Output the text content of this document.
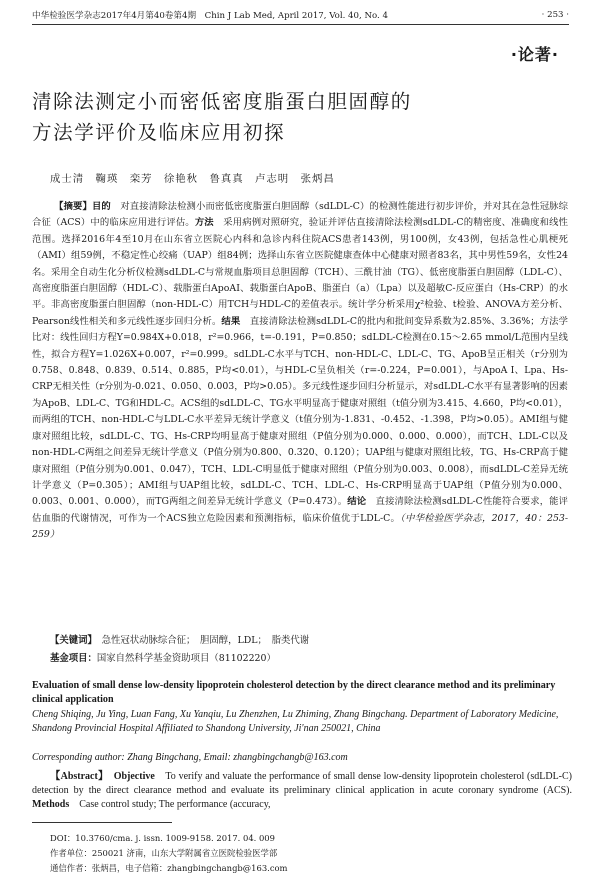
中华检验医学杂志2017年4月第40卷第4期　Chin J Lab Med, April 2017, Vol. 40, No. 4	· 253 ·
·论著·
清除法测定小而密低密度脂蛋白胆固醇的
方法学评价及临床应用初探
成士清　鞠瑛　栾芳　徐艳秋　鲁真真　卢志明　张炳昌
【摘要】目的　 对直接清除法检测小而密低密度脂蛋白胆固醇（sdLDL-C）的检测性能进行初步评价，并对其在急性冠脉综合征（ACS）中的临床应用进行评估。方法　 采用病例对照研究，验证并评估直接清除法检测sdLDL-C的精密度、准确度和线性范围。选择2016年4至10月在山东省立医院心内科和急诊内科住院ACS患者143例，男100例，女43例，包括急性心肌梗死（AMI）组59例，不稳定性心绞痛（UAP）组84例；选择山东省立医院健康查体中心健康对照者83名，其中男性59名，女性24名。采用全自动生化分析仪检测sdLDL-C与常规血脂项目总胆固醇（TCH）、三酰甘油（TG）、低密度脂蛋白胆固醇（LDL-C）、高密度脂蛋白胆固醇（HDL-C）、载脂蛋白ApoAⅠ、载脂蛋白ApoB、脂蛋白（a）（Lpa）以及超敏C-反应蛋白（Hs-CRP）的水平。非高密度脂蛋白胆固醇（non-HDL-C）用TCH与HDL-C的差值表示。统计学分析采用χ²检验、t检验、ANOVA方差分析、Pearson线性相关和多元线性逐步回归分析。结果　 直接清除法检测sdLDL-C的批内和批间变异系数为2.85%、3.36%；方法学比对：线性回归方程Y=0.984X+0.018，r²=0.966，t=-0.191，P=0.850；sdLDL-C检测在0.15～2.65 mmol/L范围内呈线性，拟合方程Y=1.026X+0.007，r²=0.999。sdLDL-C水平与TCH、non-HDL-C、LDL-C、TG、ApoB呈正相关（r分别为0.758、0.848、0.839、0.514、0.885，P均<0.01），与HDL-C呈负相关（r=-0.224，P=0.001），与ApoA Ⅰ、Lpa、Hs-CRP无相关性（r分别为-0.021、0.050、0.003，P均>0.05）。多元线性逐步回归分析显示，对sdLDL-C水平有显著影响的因素为ApoB、LDL-C、TG和HDL-C。ACS组的sdLDL-C、TG水平明显高于健康对照组（t值分别为3.415、4.660，P均<0.01），而两组的TCH、non-HDL-C与LDL-C水平差异无统计学意义（t值分别为-1.831、-0.452、-1.398，P均>0.05）。AMI组与健康对照组比较，sdLDL-C、TG、Hs-CRP均明显高于健康对照组（P值分别为0.000、0.000、0.000），而TCH、LDL-C以及non-HDL-C两组之间差异无统计学意义（P值分别为0.800、0.320、0.120）；UAP组与健康对照组比较，TG、Hs-CRP高于健康对照组（P值分别为0.001、0.047），TCH、LDL-C明显低于健康对照组（P值分别为0.003、0.008），而sdLDL-C差异无统计学意义（P=0.305）；AMI组与UAP组比较，sdLDL-C、TCH、LDL-C、Hs-CRP明显高于UAP组（P值分别为0.000、0.003、0.001、0.000），而TG两组之间差异无统计学意义（P=0.473）。结论　 直接清除法检测sdLDL-C性能符合要求，能评估血脂的代谢情况，可作为一个ACS独立危险因素和预测指标，临床价值优于LDL-C。（中华检验医学杂志，2017，40：253-259）
【关键词】　 急性冠状动脉综合征；　胆固醇，LDL；　脂类代谢
基金项目：国家自然科学基金资助项目（81102220）
Evaluation of small dense low-density lipoprotein cholesterol detection by the direct clearance method and its preliminary clinical application
Cheng Shiqing, Ju Ying, Luan Fang, Xu Yanqiu, Lu Zhenzhen, Lu Zhiming, Zhang Bingchang. Department of Laboratory Medicine, Shandong Provincial Hospital Affiliated to Shandong University, Ji'nan 250021, China
Corresponding author: Zhang Bingchang, Email: zhangbingchangb@163.com
【Abstract】　 Objective　 To verify and valuate the performance of small dense low-density lipoprotein cholesterol (sdLDL-C) detection by the direct clearance method and evaluate its preliminary clinical application in acute coronary syndrome (ACS).　Methods　 Case control study; The performance (accuracy,
DOI：10.3760/cma. j. issn. 1009-9158. 2017. 04. 009
作者单位：250021 济南，山东大学附属省立医院检验医学部
通信作者：张炳昌，电子信箱：zhangbingchangb@163.com
